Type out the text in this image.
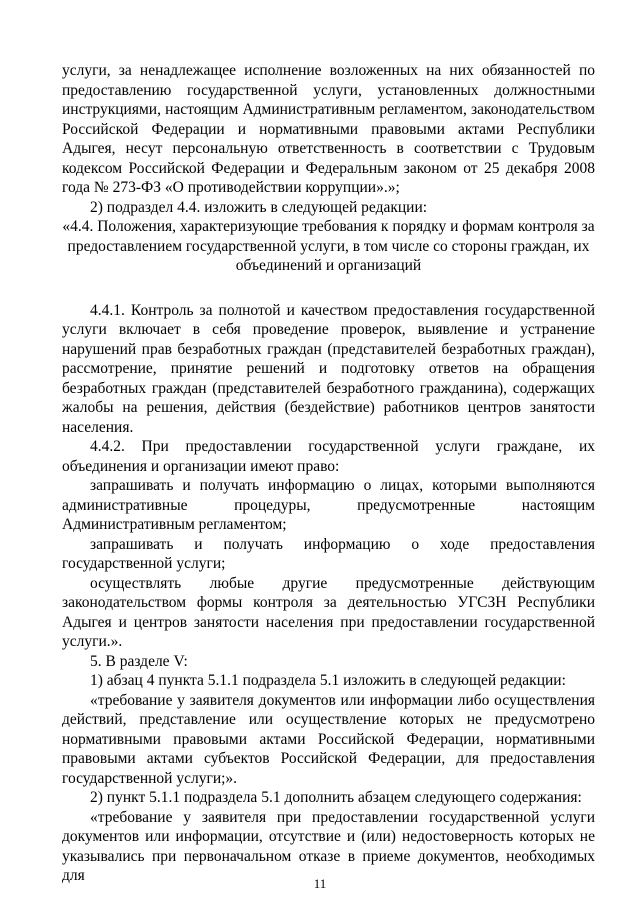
услуги, за ненадлежащее исполнение возложенных на них обязанностей по предоставлению государственной услуги, установленных должностными инструкциями, настоящим Административным регламентом, законодательством Российской Федерации и нормативными правовыми актами Республики Адыгея, несут персональную ответственность в соответствии с Трудовым кодексом Российской Федерации и Федеральным законом от 25 декабря 2008 года № 273-ФЗ «О противодействии коррупции».»;

2) подраздел 4.4. изложить в следующей редакции:

«4.4. Положения, характеризующие требования к порядку и формам контроля за предоставлением государственной услуги, в том числе со стороны граждан, их объединений и организаций

4.4.1. Контроль за полнотой и качеством предоставления государственной услуги включает в себя проведение проверок, выявление и устранение нарушений прав безработных граждан (представителей безработных граждан), рассмотрение, принятие решений и подготовку ответов на обращения безработных граждан (представителей безработного гражданина), содержащих жалобы на решения, действия (бездействие) работников центров занятости населения.

4.4.2. При предоставлении государственной услуги граждане, их объединения и организации имеют право:

запрашивать и получать информацию о лицах, которыми выполняются административные процедуры, предусмотренные настоящим Административным регламентом;

запрашивать и получать информацию о ходе предоставления государственной услуги;

осуществлять любые другие предусмотренные действующим законодательством формы контроля за деятельностью УГСЗН Республики Адыгея и центров занятости населения при предоставлении государственной услуги.».

5. В разделе V:

1) абзац 4 пункта 5.1.1 подраздела 5.1 изложить в следующей редакции:

«требование у заявителя документов или информации либо осуществления действий, представление или осуществление которых не предусмотрено нормативными правовыми актами Российской Федерации, нормативными правовыми актами субъектов Российской Федерации, для предоставления государственной услуги;».

2) пункт 5.1.1 подраздела 5.1 дополнить абзацем следующего содержания:

«требование у заявителя при предоставлении государственной услуги документов или информации, отсутствие и (или) недостоверность которых не указывались при первоначальном отказе в приеме документов, необходимых для	11
